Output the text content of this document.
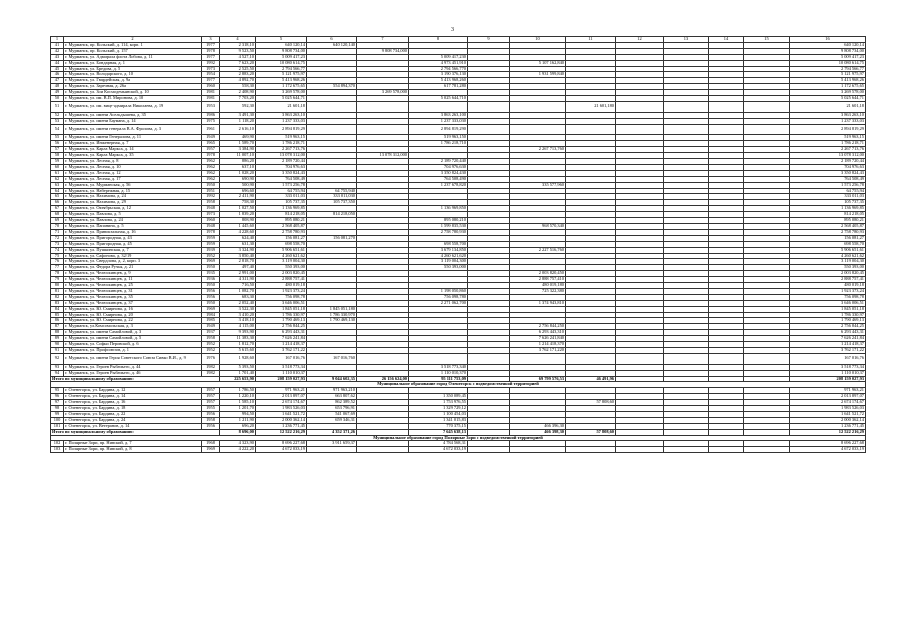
3
1	2	3	4	5	6	7	8	9	10	11	12	13	14	15	16
41	г. Мурманск, пр. Кольский, д. 114, корп. 1	1977	2 318,10	640 120,14	640 120,140										640 120,14
42	г. Мурманск, пр. Кольский, д. 157	1978	9 523,50	9 808 734,00		9 808 734,000									9 808 734,00
43	г. Мурманск, ул. Адмирала флота Лобова, д. 11	1977	4 527,10	5 009 417,23			5 009 417,230								5 009 417,23
44	г. Мурманск, ул. Бондарная, д. 1	1992	7 623,20	10 080 614,75			4 973 451,910		5 107 162,840						10 080 614,75
45	г. Мурманск, ул. Бредова, д. 5	1973	2 525,50	2 794 566,77			2 794 566,770								2 794 566,77
46	г. Мурманск, ул. Володарского, д. 10	1954	2 883,20	5 121 975,97			3 190 376,130		1 931 599,840						5 121 975,97
47	г. Мурманск, ул. Гвардейская, д. 9а	1977	4 892,70	5 413 968,26			5 413 968,260								5 413 968,26
48	г. Мурманск, ул. Заречная, д. 26а	1960	558,30	1 172 675,65	554 894,370		617 781,280								1 172 675,65
49	г. Мурманск, ул. Зои Космодемьянской, д. 10	1981	2 408,90	3 269 578,00		3 269 578,000									3 269 578,00
50	г. Мурманск, ул. им. В.П. Миронова, д. 10	1981	7 703,20	5 025 644,71			5 025 644,710								5 025 644,71
51	г. Мурманск, ул. им. вице-адмирала Николаева, д. 19	1953	592,30	21 601,18						21 601,180					21 601,18
52	г. Мурманск, ул. имени Асельдышева, д. 35	1986	3 491,30	3 863 263,10			3 863 263,100								3 863 263,10
53	г. Мурманск, ул. имени Баумана, д. 14	1975	1 118,20	1 237 333,03			1 237 333,030								1 237 333,03
54	г. Мурманск, ул. имени генерала В.А. Фролова, д. 3	1961	2 616,10	2 894 819,29			2 894 819,290								2 894 819,29
55	г. Мурманск, ул. имени Генералова, д. 11	1949	469,90	519 963,15			519 963,150								519 963,15
56	г. Мурманск, ул. Инженерная, д. 7	1965	1 589,70	1 786 218,71			1 786 218,710								1 786 218,71
57	г. Мурманск, ул. Карла Маркса, д. 14	1957	3 384,90	2 267 713,76					2 267 713,760						2 267 713,76
58	г. Мурманск, ул. Карла Маркса, д. 35	1978	11 007,10	13 078 312,00		13 078 312,000									13 078 312,00
59	г. Мурманск, ул. Лесная, д. 8	1962	886,20	2 189 720,44			2 189 720,440								2 189 720,44
60	г. Мурманск, ул. Лесная, д. 10	1962	637,10	704 976,63			704 976,630								704 976,63
61	г. Мурманск, ул. Лесная, д. 12	1962	1 028,20	3 350 824,43			3 350 824,430								3 350 824,43
62	г. Мурманск, ул. Лесная, д. 17	1962	690,90	764 508,49			764 508,490								764 508,49
63	г. Мурманск, ул. Мурманская, д. 56	1950	500,90	1 573 256,78			1 237 678,820		335 577,960						1 573 256,78
64	г. Мурманск, ул. Набережная, д. 15	1951	696,60	64 755,94	64 755,940										64 755,94
65	г. Мурманск, ул. Нахимова, д. 24	1992	2 411,90	333 011,03	333 011,030										333 011,03
66	г. Мурманск, ул. Нахимова, д. 29	1958	758,30	105 737,35	105 737,350										105 737,35
67	г. Мурманск, ул. Октябрьская, д. 12	1948	1 027,50	1 136 969,85			1 136 969,850								1 136 969,85
68	г. Мурманск, ул. Павлова, д. 5	1973	1 839,20	814 218,05	814 218,050										814 218,05
69	г. Мурманск, ул. Павлова, д. 24	1960	808,90	895 080,21			895 080,210								895 080,21
70	г. Мурманск, ул. Папанина, д. 5	1948	1 445,60	2 568 405,87			1 599 835,530		968 570,340						2 568 405,87
71	г. Мурманск, ул. Привокзальная, д. 16	1978	4 228,60	2 758 780,93			2 758 780,930								2 758 780,93
72	г. Мурманск, ул. Пригородная, д. 43	1959	624,40	156 081,27	156 081,270										156 081,27
73	г. Мурманск, ул. Пригородная, д. 45	1959	631,30	698 558,70			698 558,700								698 558,70
74	г. Мурманск, ул. Пушкинская, д. 7	1939	3 324,90	5 906 651,61			3 679 134,850		2 227 516,760						5 906 651,61
75	г. Мурманск, ул. Сафонова, д. 32/19	1952	3 850,40	4 260 621,62			4 260 621,620								4 260 621,62
76	г. Мурманск, ул. Свердлова, д. 2, корп. 3	1969	2 818,70	3 119 004,30			3 119 004,300								3 119 004,30
77	г. Мурманск, ул. Федора Ручья, д. 21	1950	497,40	550 393,00			550 393,000								550 393,00
78	г. Мурманск, ул. Челюскинцев, д. 9	1935	2 991,00	2 003 820,45					2 003 820,450						2 003 820,45
79	г. Мурманск, ул. Челюскинцев, д. 11	1936	4 311,90	2 888 757,41					2 888 757,410						2 888 757,41
80	г. Мурманск, ул. Челюскинцев, д. 25	1950	716,50	480 019,18					480 019,180						480 019,18
81	г. Мурманск, ул. Челюскинцев, д. 31	1956	1 082,70	1 923 373,24			1 198 050,860		725 322,380						1 923 373,24
82	г. Мурманск, ул. Челюскинцев, д. 35	1956	683,30	756 098,78			756 098,780								756 098,78
83	г. Мурманск, ул. Челюскинцев, д. 37	1950	2 052,40	3 646 006,51			2 271 062,700		1 374 943,810						3 646 006,51
84	г. Мурманск, ул. Ю. Смирнова, д. 16	1969	3 522,30	1 845 051,18	1 845 051,180										1 845 051,18
85	г. Мурманск, ул. Ю. Смирнова, д. 20	1984	3 410,20	1 786 330,97	1 786 330,970										1 786 330,97
86	г. Мурманск, ул. Ю. Смирнова, д. 22	1985	3 418,10	1 790 469,13	1 790 469,130										1 790 469,13
87	г. Мурманск, ул.Комсомольская, д. 3	1949	4 115,00	2 756 844,25					2 756 844,250						2 756 844,25
88	г. Мурманск, ул. имени Самойловой, д. 3	1937	9 393,90	6 293 443,31					6 293 443,310						6 293 443,31
89	г. Мурманск, ул. имени Самойловой, д. 5	1958	11 383,30	7 626 241,84					7 626 241,840						7 626 241,84
90	г. Мурманск, ул. Софьи Перовской, д. 6	1952	1 812,70	1 214 418,37					1 214 418,370						1 214 418,37
91	г. Мурманск, ул. Профсоюзов, д. 1	1952	5 615,60	3 762 171,22					3 762 171,220						3 762 171,22
92	г. Мурманск, ул. имени Героя Советского Союза Сивко В.И., д. 9	1976	1 928,60	167 016,76	167 016,760										167 016,76
93	г. Мурманск, ул. Героев Рыбачьего, д. 44	1982	5 393,50	3 518 773,34			3 518 773,340								3 518 773,34
94	г. Мурманск, ул. Героев Рыбачьего, д. 46	1982	1 701,40	1 110 010,37			1 110 010,370								1 110 010,37
Итого по муниципальному образованию:			225 653,90	208 159 027,93	9 044 602,35	26 156 624,00	95 111 753,09		69 799 576,53	46 491,96					208 159 027,93
Муниципальное образование город Оленегорск с подведомственной территорией															
95	г. Оленегорск, ул. Бардина, д. 12	1957	1 786,50	971 963,21	971 963,210										971 963,21
96	г. Оленегорск, ул. Бардина, д. 14	1957	1 220,10	2 013 897,07	663 807,62		1 350 089,45								2 013 897,07
97	г. Оленегорск, ул. Бардина, д. 16	1957	1 585,10	2 674 174,67	862 389,52		1 753 976,55			57 808,60					2 674 174,67
98	г. Оленегорск, ул. Бардина, д. 18	1955	1 201,70	1 983 526,03	653 796,91		1 329 729,12								1 983 526,03
99	г. Оленегорск, ул. Бардина, д. 22	1956	994,50	1 641 521,72	541 067,69		1 100 454,03								1 641 521,72
100	г. Оленегорск, ул. Бардина, д. 24	1958	1 211,90	2 000 362,14	659 346,31		1 341 015,83								2 000 362,14
101	г. Оленегорск, ул. Ветеранов, д. 14	1956	696,20	1 236 771,45			770 375,15		466 396,30						1 236 771,45
Итого по муниципальному образованию:			8 696,00	12 522 216,29	4 352 371,26		7 645 638,13		466 398,30	57 808,60					12 522 216,29
Муниципальное образование город Полярные Зори с подведомственной территорией															
102	г. Полярные Зори, пр. Нивский, д. 7	1968	4 323,90	8 696 227,68	3 911 659,37		4 784 568,31								8 696 227,68
103	г. Полярные Зори, пр. Нивский, д. 8	1969	4 222,20	4 672 033,19			4 672 033,19								4 672 033,19
